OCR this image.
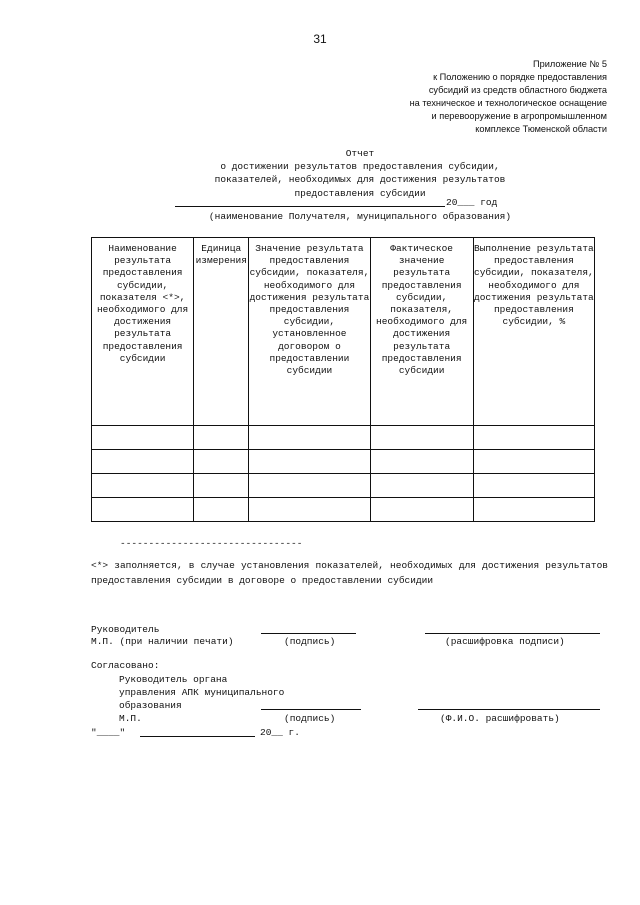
31
Приложение № 5
к Положению о порядке предоставления
субсидий из средств областного бюджета
на техническое и технологическое оснащение
и перевооружение в агропромышленном
комплексе Тюменской области
Отчет
о достижении результатов предоставления субсидии,
показателей, необходимых для достижения результатов
предоставления субсидии
20___ год
(наименование Получателя, муниципального образования)
Наименование результата предоставления субсидии, показателя <*>, необходимого для достижения результата предоставления субсидии	Единица измерения	Значение результата предоставления субсидии, показателя, необходимого для достижения результата предоставления субсидии, установленное договором о предоставлении субсидии	Фактическое значение результата предоставления субсидии, показателя, необходимого для достижения результата предоставления субсидии	Выполнение результата предоставления субсидии, показателя, необходимого для достижения результата предоставления субсидии, %

--------------------------------
<*> заполняется, в случае установления показателей, необходимых для достижения результатов предоставления субсидии в договоре о предоставлении субсидии
Руководитель
М.П. (при наличии печати)	(подпись)	(расшифровка подписи)
Согласовано:
Руководитель органа
управления АПК муниципального
образования
М.П.	(подпись)	(Ф.И.О. расшифровать)
"____"	20__ г.
